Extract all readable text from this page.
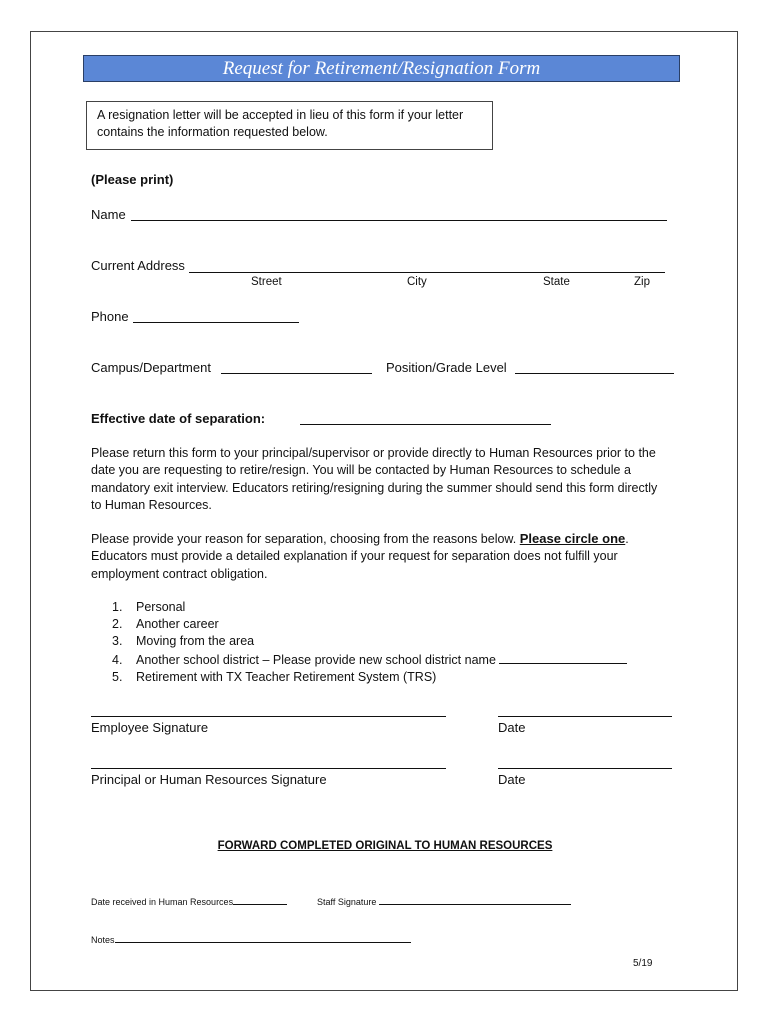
Request for Retirement/Resignation Form
A resignation letter will be accepted in lieu of this form if your letter contains the information requested below.
(Please print)
Name
Current Address
Street	City	State	Zip
Phone
Campus/Department	Position/Grade Level
Effective date of separation:
Please return this form to your principal/supervisor or provide directly to Human Resources prior to the date you are requesting to retire/resign. You will be contacted by Human Resources to schedule a mandatory exit interview. Educators retiring/resigning during the summer should send this form directly to Human Resources.
Please provide your reason for separation, choosing from the reasons below. Please circle one. Educators must provide a detailed explanation if your request for separation does not fulfill your employment contract obligation.
1. Personal
2. Another career
3. Moving from the area
4. Another school district – Please provide new school district name
5. Retirement with TX Teacher Retirement System (TRS)
Employee Signature	Date
Principal or Human Resources Signature	Date
FORWARD COMPLETED ORIGINAL TO HUMAN RESOURCES
Date received in Human Resources	Staff Signature
Notes
5/19
